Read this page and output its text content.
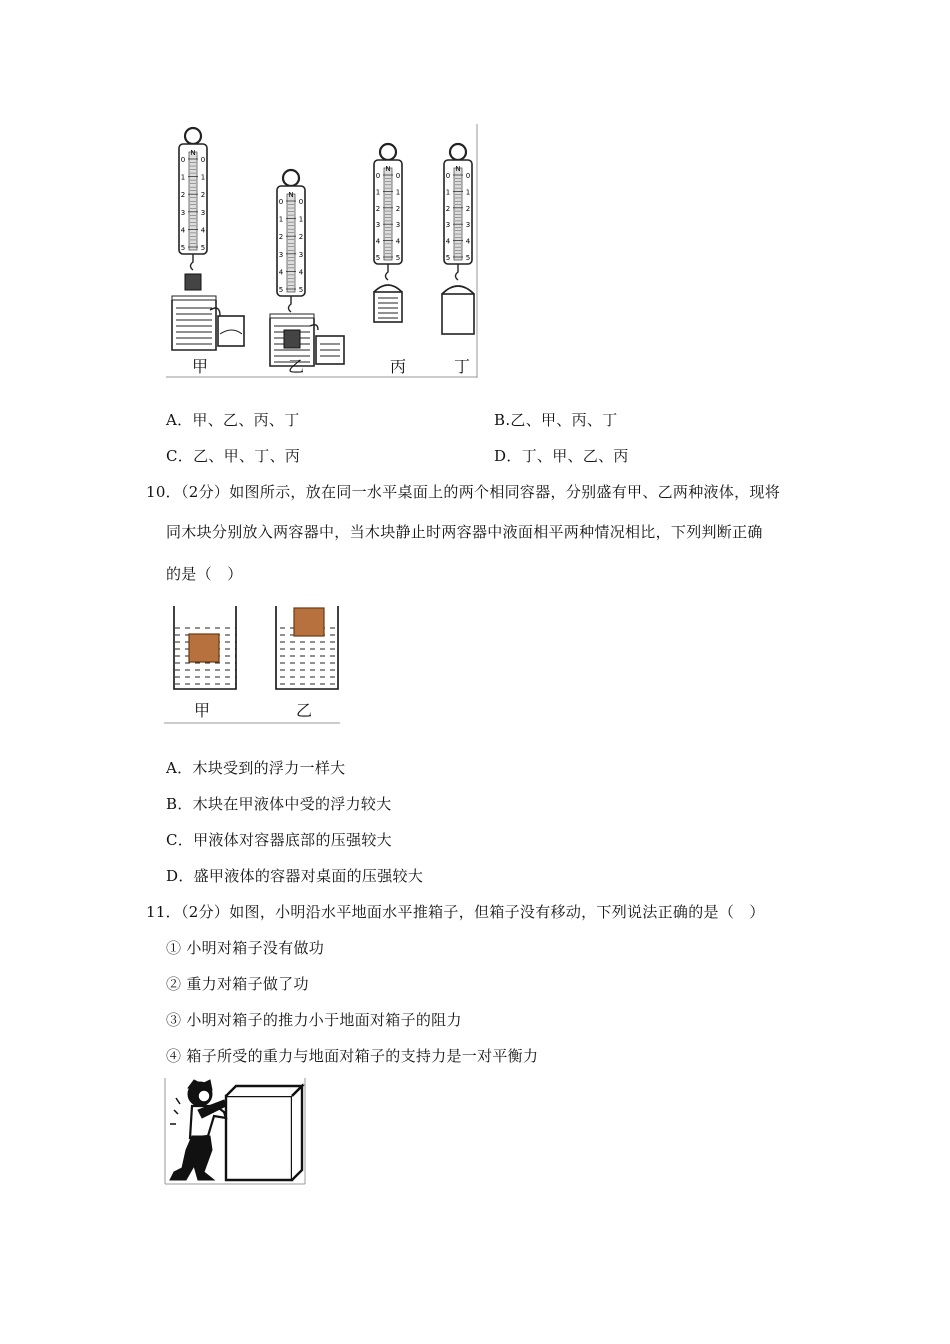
N
0 0
1 1
2 2
3 3
4 4
5 5
N
0 0
1 1
2 2
3 3
4 4
5 5
N
0 0
1 1
2 2
3 3
4 4
5 5
N
0 0
1 1
2 2
3 3
4 4
5 5
甲	乙	丙	丁
A．甲、乙、丙、丁	B.乙、甲、丙、丁
C．乙、甲、丁、丙	D．丁、甲、乙、丙
10．（2分）如图所示，放在同一水平桌面上的两个相同容器，分别盛有甲、乙两种液体，现将
同木块分别放入两容器中，当木块静止时两容器中液面相平两种情况相比，下列判断正确
的是（　）
甲	乙
A．木块受到的浮力一样大
B．木块在甲液体中受的浮力较大
C．甲液体对容器底部的压强较大
D．盛甲液体的容器对桌面的压强较大
11．（2分）如图，小明沿水平地面水平推箱子，但箱子没有移动，下列说法正确的是（　）
① 小明对箱子没有做功
② 重力对箱子做了功
③ 小明对箱子的推力小于地面对箱子的阻力
④ 箱子所受的重力与地面对箱子的支持力是一对平衡力
